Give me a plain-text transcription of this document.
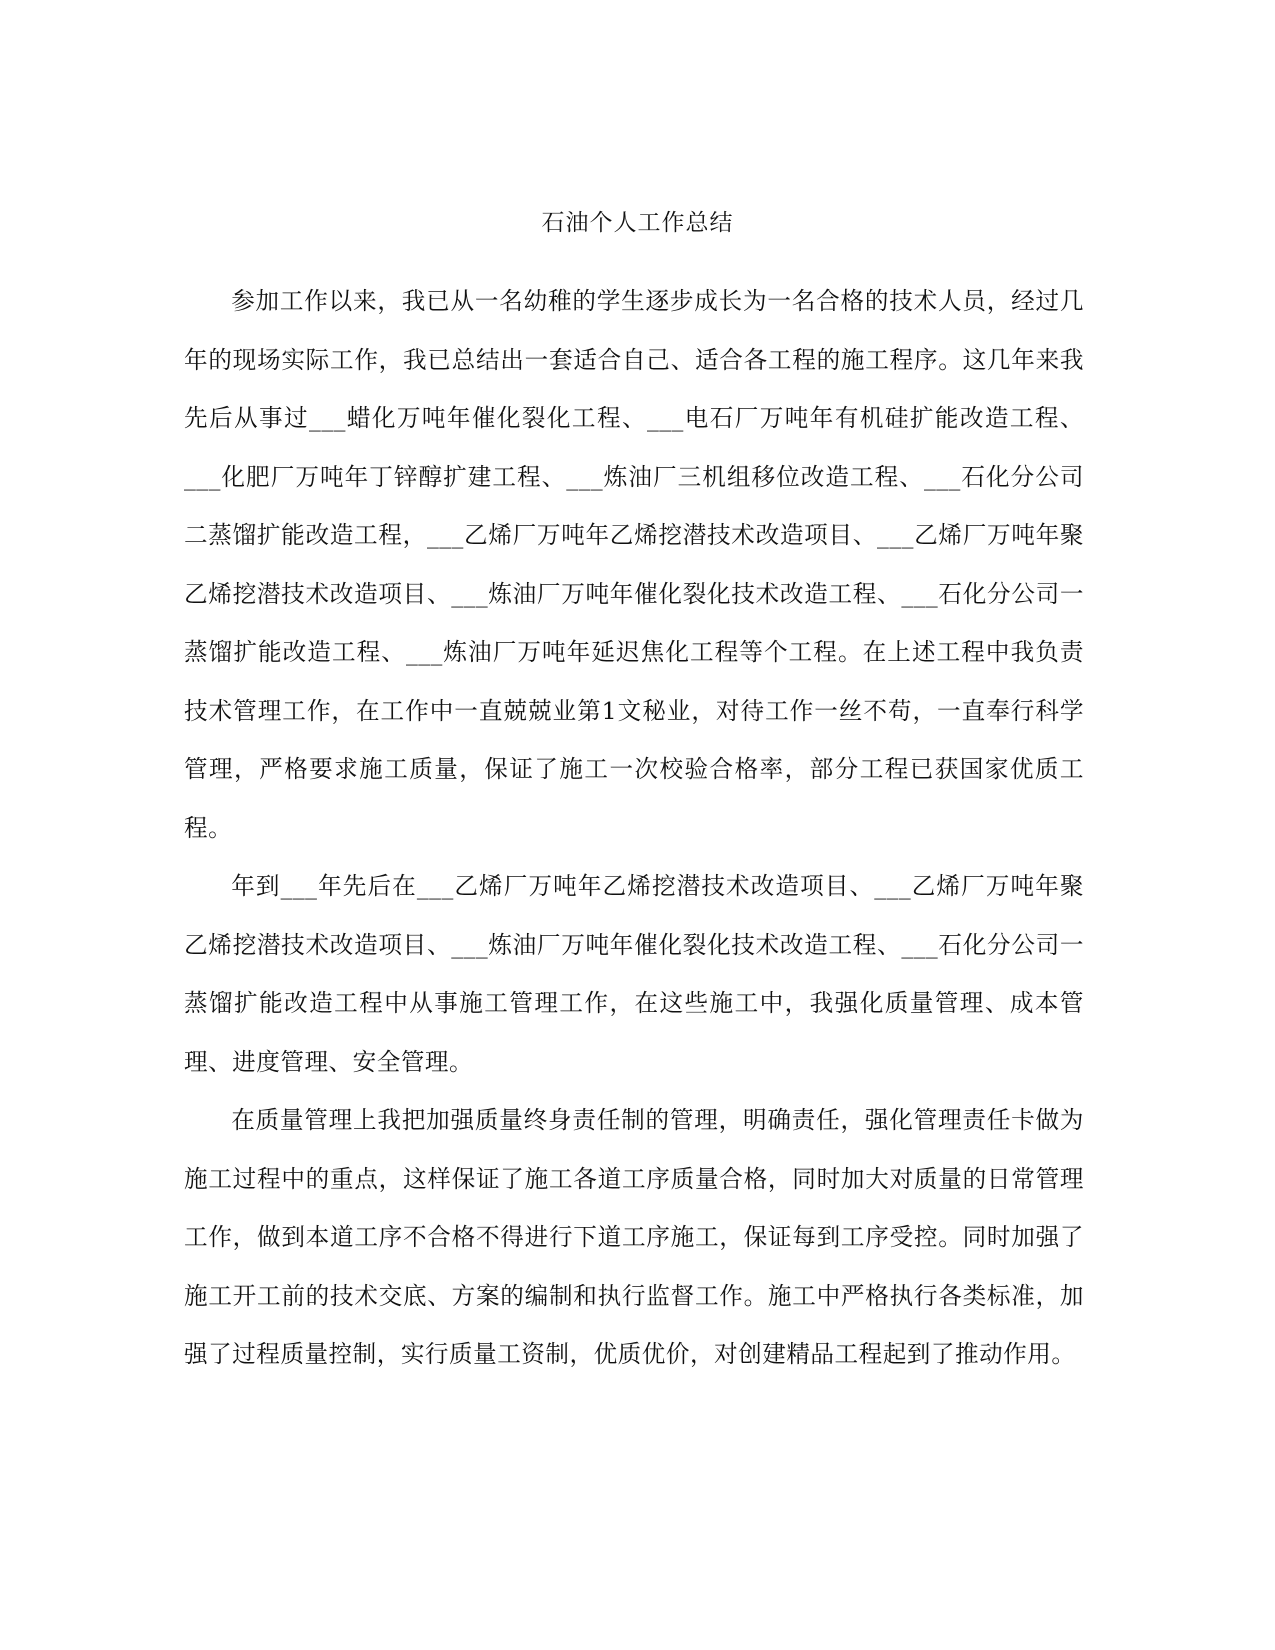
石油个人工作总结

参加工作以来，我已从一名幼稚的学生逐步成长为一名合格的技术人员，经过几年的现场实际工作，我已总结出一套适合自己、适合各工程的施工程序。这几年来我先后从事过___蜡化万吨年催化裂化工程、___电石厂万吨年有机硅扩能改造工程、___化肥厂万吨年丁锌醇扩建工程、___炼油厂三机组移位改造工程、___石化分公司二蒸馏扩能改造工程，___乙烯厂万吨年乙烯挖潜技术改造项目、___乙烯厂万吨年聚乙烯挖潜技术改造项目、___炼油厂万吨年催化裂化技术改造工程、___石化分公司一蒸馏扩能改造工程、___炼油厂万吨年延迟焦化工程等个工程。在上述工程中我负责技术管理工作，在工作中一直兢兢业第1文秘业，对待工作一丝不苟，一直奉行科学管理，严格要求施工质量，保证了施工一次校验合格率，部分工程已获国家优质工程。

年到___年先后在___乙烯厂万吨年乙烯挖潜技术改造项目、___乙烯厂万吨年聚乙烯挖潜技术改造项目、___炼油厂万吨年催化裂化技术改造工程、___石化分公司一蒸馏扩能改造工程中从事施工管理工作，在这些施工中，我强化质量管理、成本管理、进度管理、安全管理。

在质量管理上我把加强质量终身责任制的管理，明确责任，强化管理责任卡做为施工过程中的重点，这样保证了施工各道工序质量合格，同时加大对质量的日常管理工作，做到本道工序不合格不得进行下道工序施工，保证每到工序受控。同时加强了施工开工前的技术交底、方案的编制和执行监督工作。施工中严格执行各类标准，加强了过程质量控制，实行质量工资制，优质优价，对创建精品工程起到了推动作用。
